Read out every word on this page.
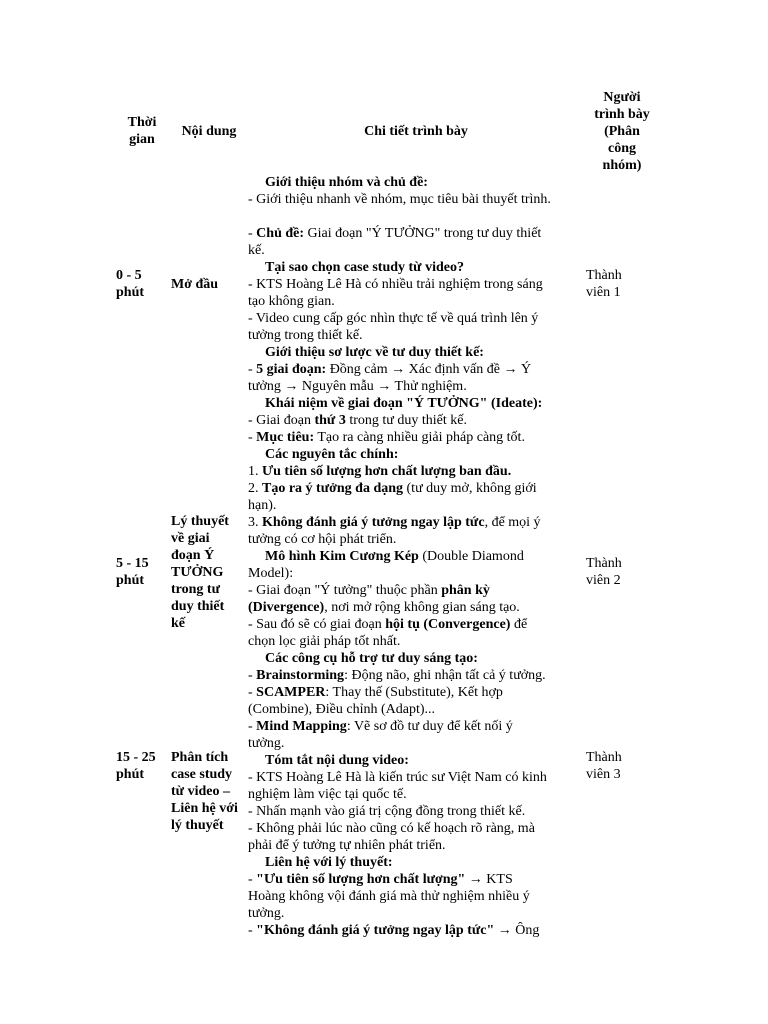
Thời
gian
Nội dung	Chi tiết trình bày
Người
trình bày
(Phân
công
nhóm)
0 - 5
phút
Mở đầu
Thành
viên 1
5 - 15
phút
Lý thuyết
về giai
đoạn Ý
TƯỞNG
trong tư
duy thiết
kế
Thành
viên 2
15 - 25
phút
Phân tích
case study
từ video –
Liên hệ với
lý thuyết
Thành
viên 3
Giới thiệu nhóm và chủ đề:
- Giới thiệu nhanh về nhóm, mục tiêu bài thuyết trình.

- Chủ đề: Giai đoạn "Ý TƯỞNG" trong tư duy thiết
kế.
Tại sao chọn case study từ video?
- KTS Hoàng Lê Hà có nhiều trải nghiệm trong sáng
tạo không gian.
- Video cung cấp góc nhìn thực tế về quá trình lên ý
tưởng trong thiết kế.
Giới thiệu sơ lược về tư duy thiết kế:
- 5 giai đoạn: Đồng cảm → Xác định vấn đề → Ý
tưởng → Nguyên mẫu → Thử nghiệm.
Khái niệm về giai đoạn "Ý TƯỞNG" (Ideate):
- Giai đoạn thứ 3 trong tư duy thiết kế.
- Mục tiêu: Tạo ra càng nhiều giải pháp càng tốt.
Các nguyên tắc chính:
1. Ưu tiên số lượng hơn chất lượng ban đầu.
2. Tạo ra ý tưởng đa dạng (tư duy mở, không giới
hạn).
3. Không đánh giá ý tưởng ngay lập tức, để mọi ý
tưởng có cơ hội phát triển.
Mô hình Kim Cương Kép (Double Diamond
Model):
- Giai đoạn "Ý tưởng" thuộc phần phân kỳ
(Divergence), nơi mở rộng không gian sáng tạo.
- Sau đó sẽ có giai đoạn hội tụ (Convergence) để
chọn lọc giải pháp tốt nhất.
Các công cụ hỗ trợ tư duy sáng tạo:
- Brainstorming: Động não, ghi nhận tất cả ý tưởng.
- SCAMPER: Thay thế (Substitute), Kết hợp
(Combine), Điều chỉnh (Adapt)...
- Mind Mapping: Vẽ sơ đồ tư duy để kết nối ý
tưởng.
Tóm tắt nội dung video:
- KTS Hoàng Lê Hà là kiến trúc sư Việt Nam có kinh
nghiệm làm việc tại quốc tế.
- Nhấn mạnh vào giá trị cộng đồng trong thiết kế.
- Không phải lúc nào cũng có kế hoạch rõ ràng, mà
phải để ý tưởng tự nhiên phát triển.
Liên hệ với lý thuyết:
- "Ưu tiên số lượng hơn chất lượng" → KTS
Hoàng không vội đánh giá mà thử nghiệm nhiều ý
tưởng.
- "Không đánh giá ý tưởng ngay lập tức" → Ông
